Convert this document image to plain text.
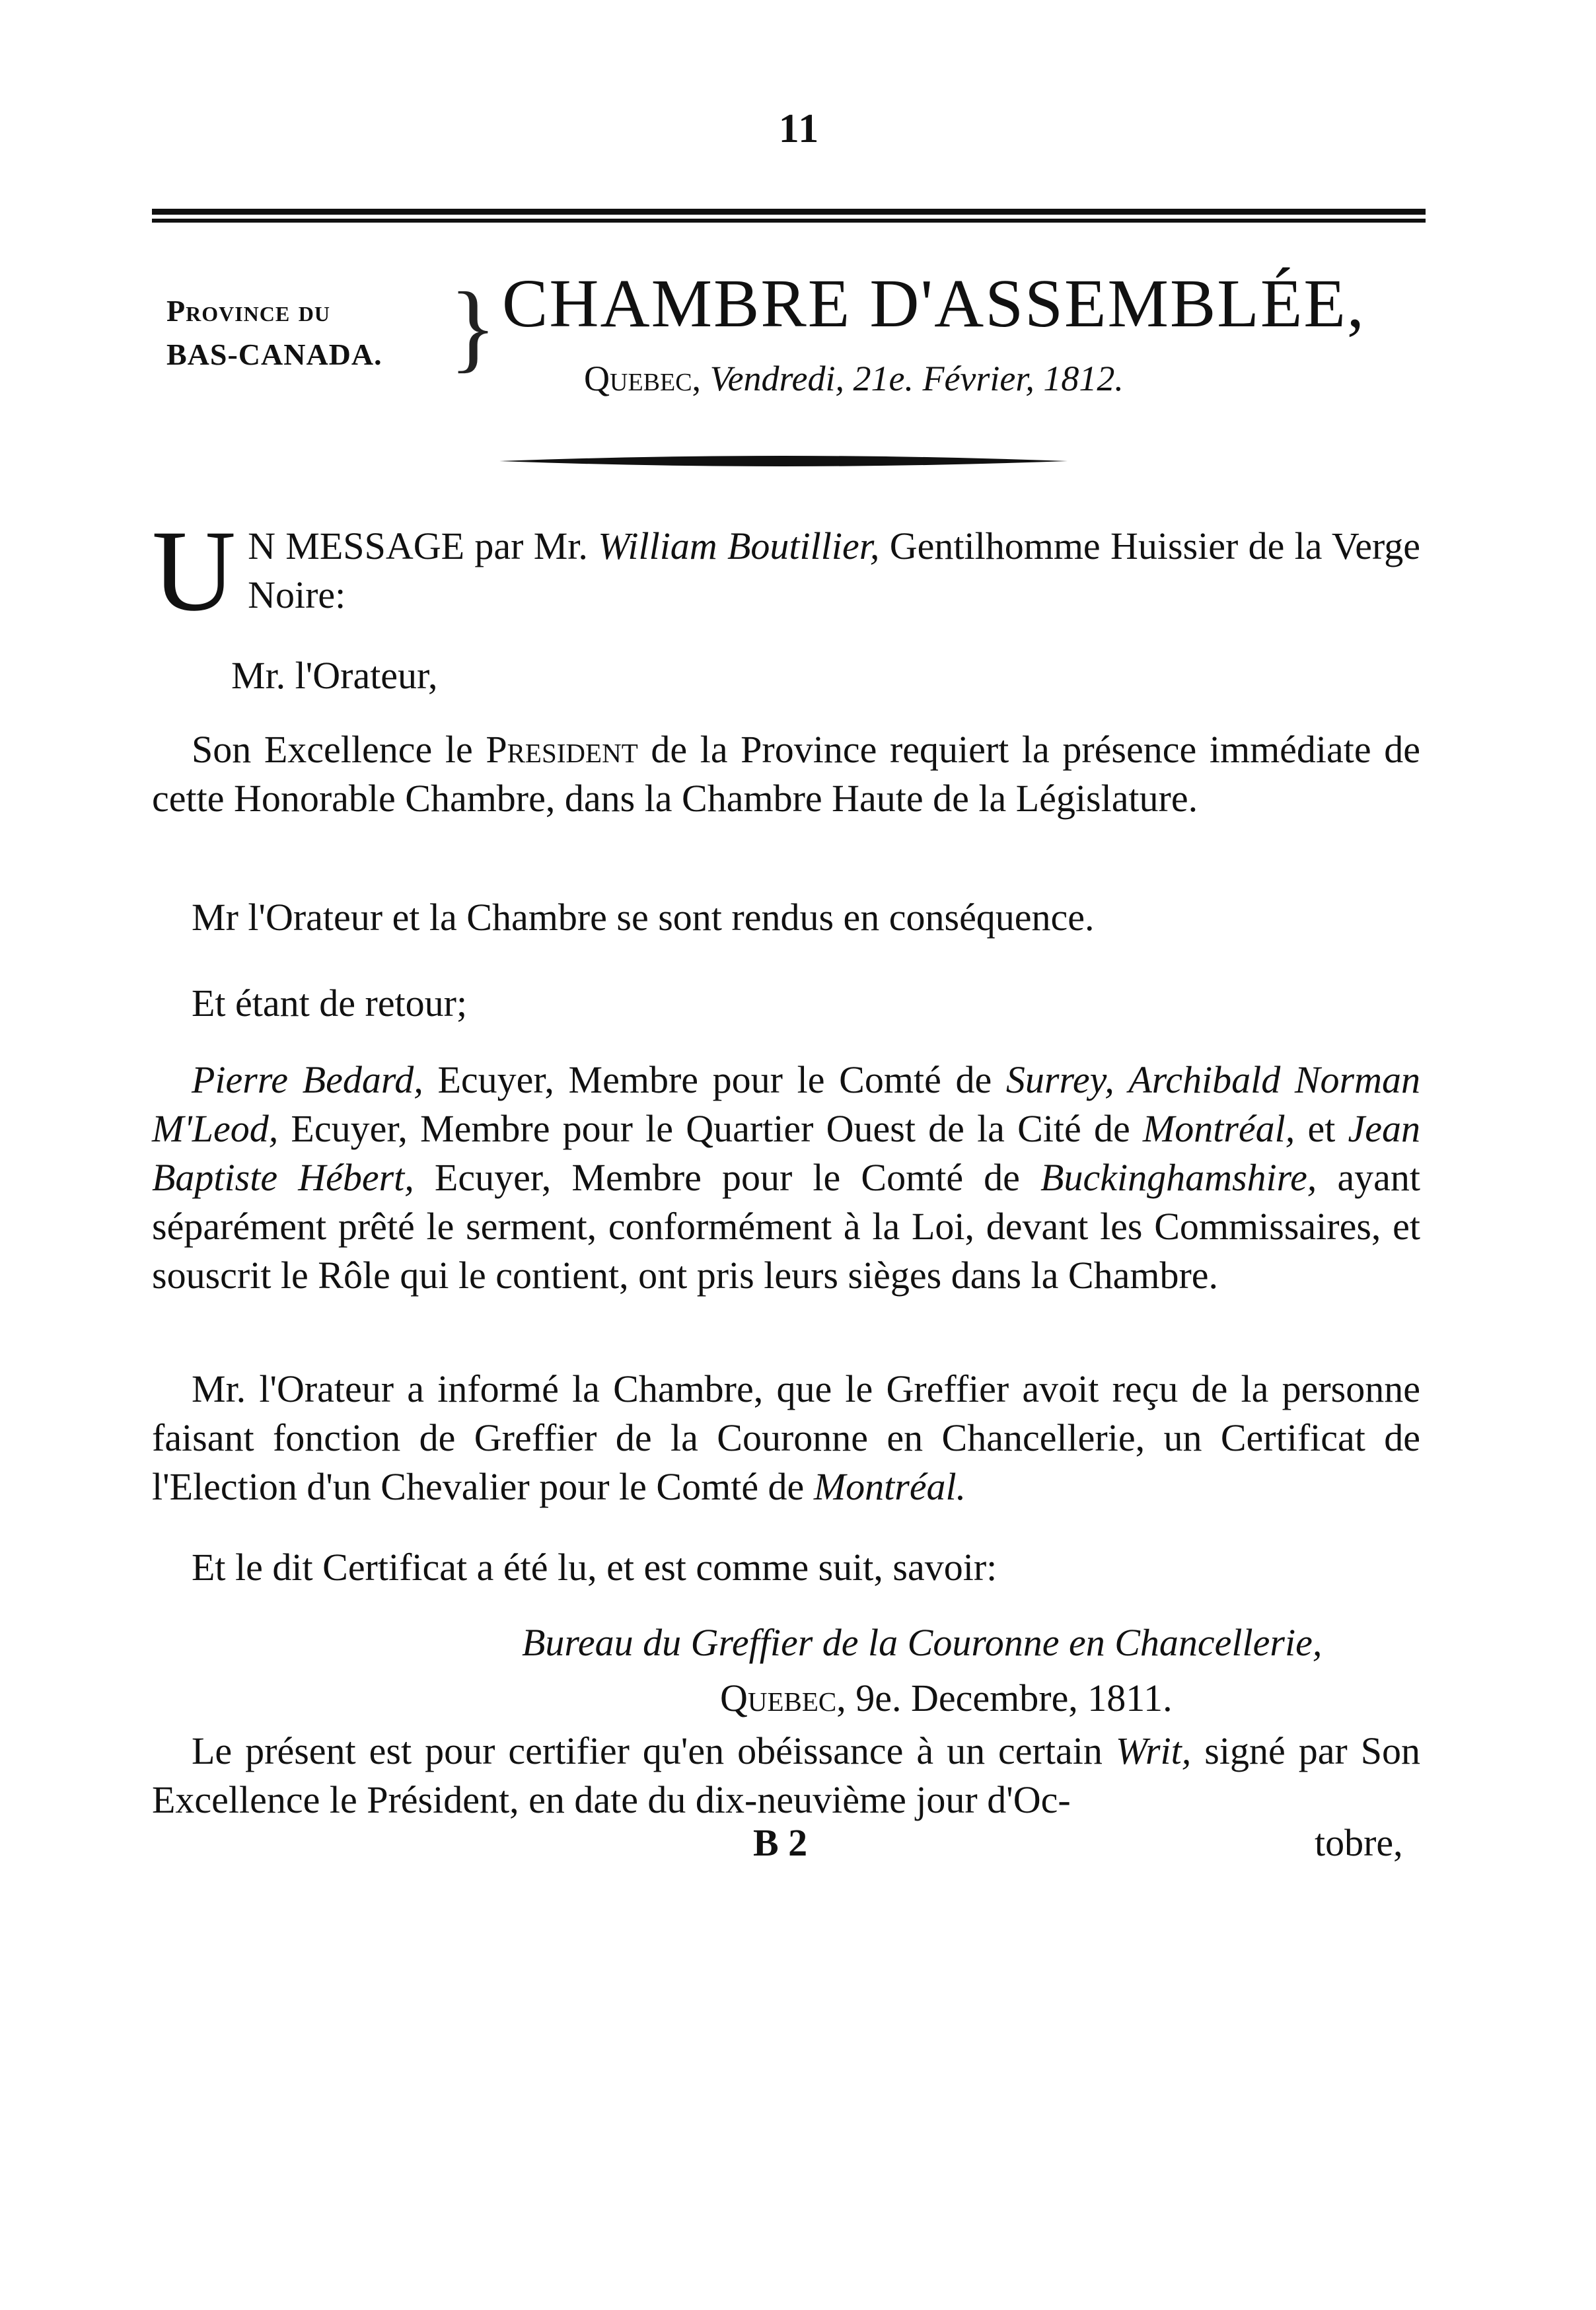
11
Province du
BAS-CANADA. } CHAMBRE D'ASSEMBLÉE,
Quebec, Vendredi, 21e. Février, 1812.
U N MESSAGE par Mr. William Boutillier, Gentilhomme Huissier de la Verge Noire:
Mr. l'Orateur,
Son Excellence le President de la Province requiert la présence immédiate de cette Honorable Chambre, dans la Chambre Haute de la Législature.
Mr l'Orateur et la Chambre se sont rendus en conséquence.
Et étant de retour;
Pierre Bedard, Ecuyer, Membre pour le Comté de Surrey, Archibald Norman M'Leod, Ecuyer, Membre pour le Quartier Ouest de la Cité de Montréal, et Jean Baptiste Hébert, Ecuyer, Membre pour le Comté de Buckinghamshire, ayant séparément prêté le serment, conformément à la Loi, devant les Commissaires, et souscrit le Rôle qui le contient, ont pris leurs sièges dans la Chambre.
Mr. l'Orateur a informé la Chambre, que le Greffier avoit reçu de la personne faisant fonction de Greffier de la Couronne en Chancellerie, un Certificat de l'Election d'un Chevalier pour le Comté de Montréal.
Et le dit Certificat a été lu, et est comme suit, savoir:
Bureau du Greffier de la Couronne en Chancellerie,
Quebec, 9e. Decembre, 1811.
Le présent est pour certifier qu'en obéissance à un certain Writ, signé par Son Excellence le Président, en date du dix-neuvième jour d'Oc-
B 2	tobre,
